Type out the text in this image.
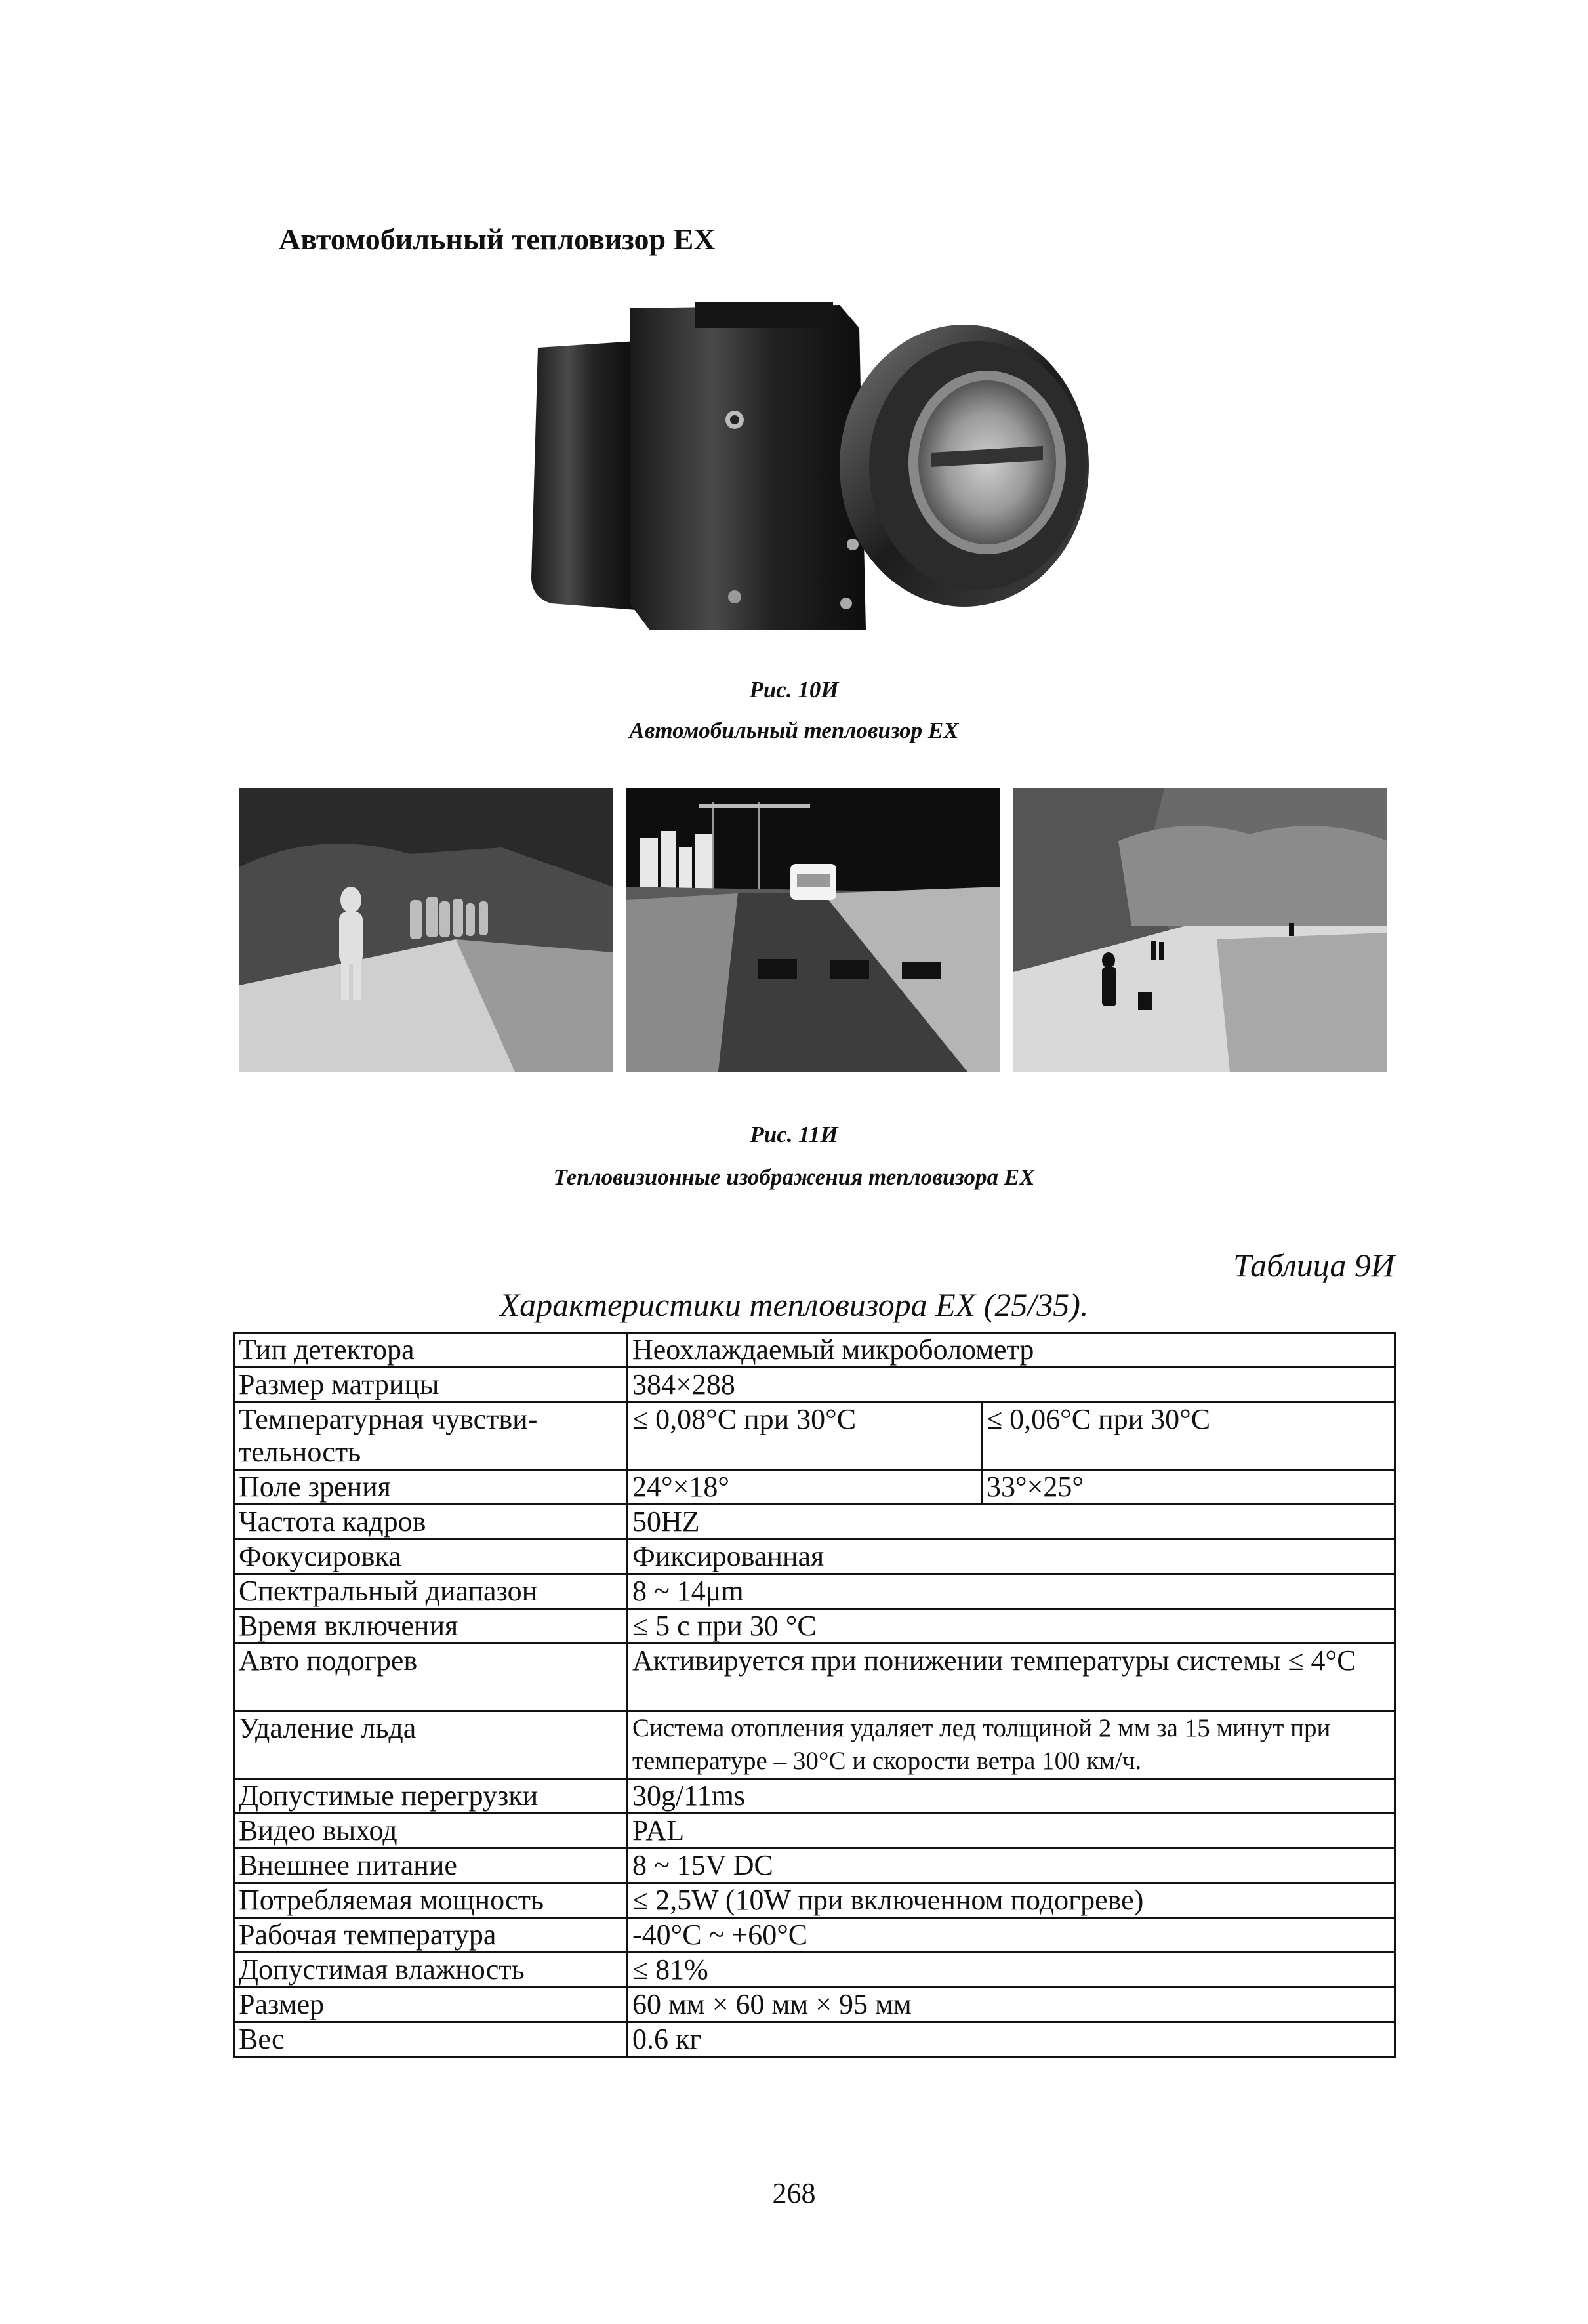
Автомобильный тепловизор EX
Рис. 10И
Автомобильный тепловизор EX
Рис. 11И
Тепловизионные изображения тепловизора EX
Таблица 9И
Характеристики тепловизора EX (25/35).
Тип детектора	Неохлаждаемый микроболометр	
Размер матрицы	384×288	
Температурная чувстви-тельность	≤ 0,08°C при 30°C	≤ 0,06°C при 30°C
Поле зрения	24°×18°	33°×25°
Частота кадров	50HZ	
Фокусировка	Фиксированная	
Спектральный диапазон	8 ~ 14μm	
Время включения	≤ 5 с при 30 °C	
Авто подогрев	Активируется при понижении температуры системы ≤ 4°C	
Удаление льда	Система отопления удаляет лед толщиной 2 мм за 15 минут при температуре – 30°C и скорости ветра 100 км/ч.	
Допустимые перегрузки	30g/11ms	
Видео выход	PAL	
Внешнее питание	8 ~ 15V DC	
Потребляемая мощность	≤ 2,5W (10W при включенном подогреве)	
Рабочая температура	-40°C ~ +60°C	
Допустимая влажность	≤ 81%	
Размер	60 мм × 60 мм × 95 мм	
Вес	0.6 кг	
268
